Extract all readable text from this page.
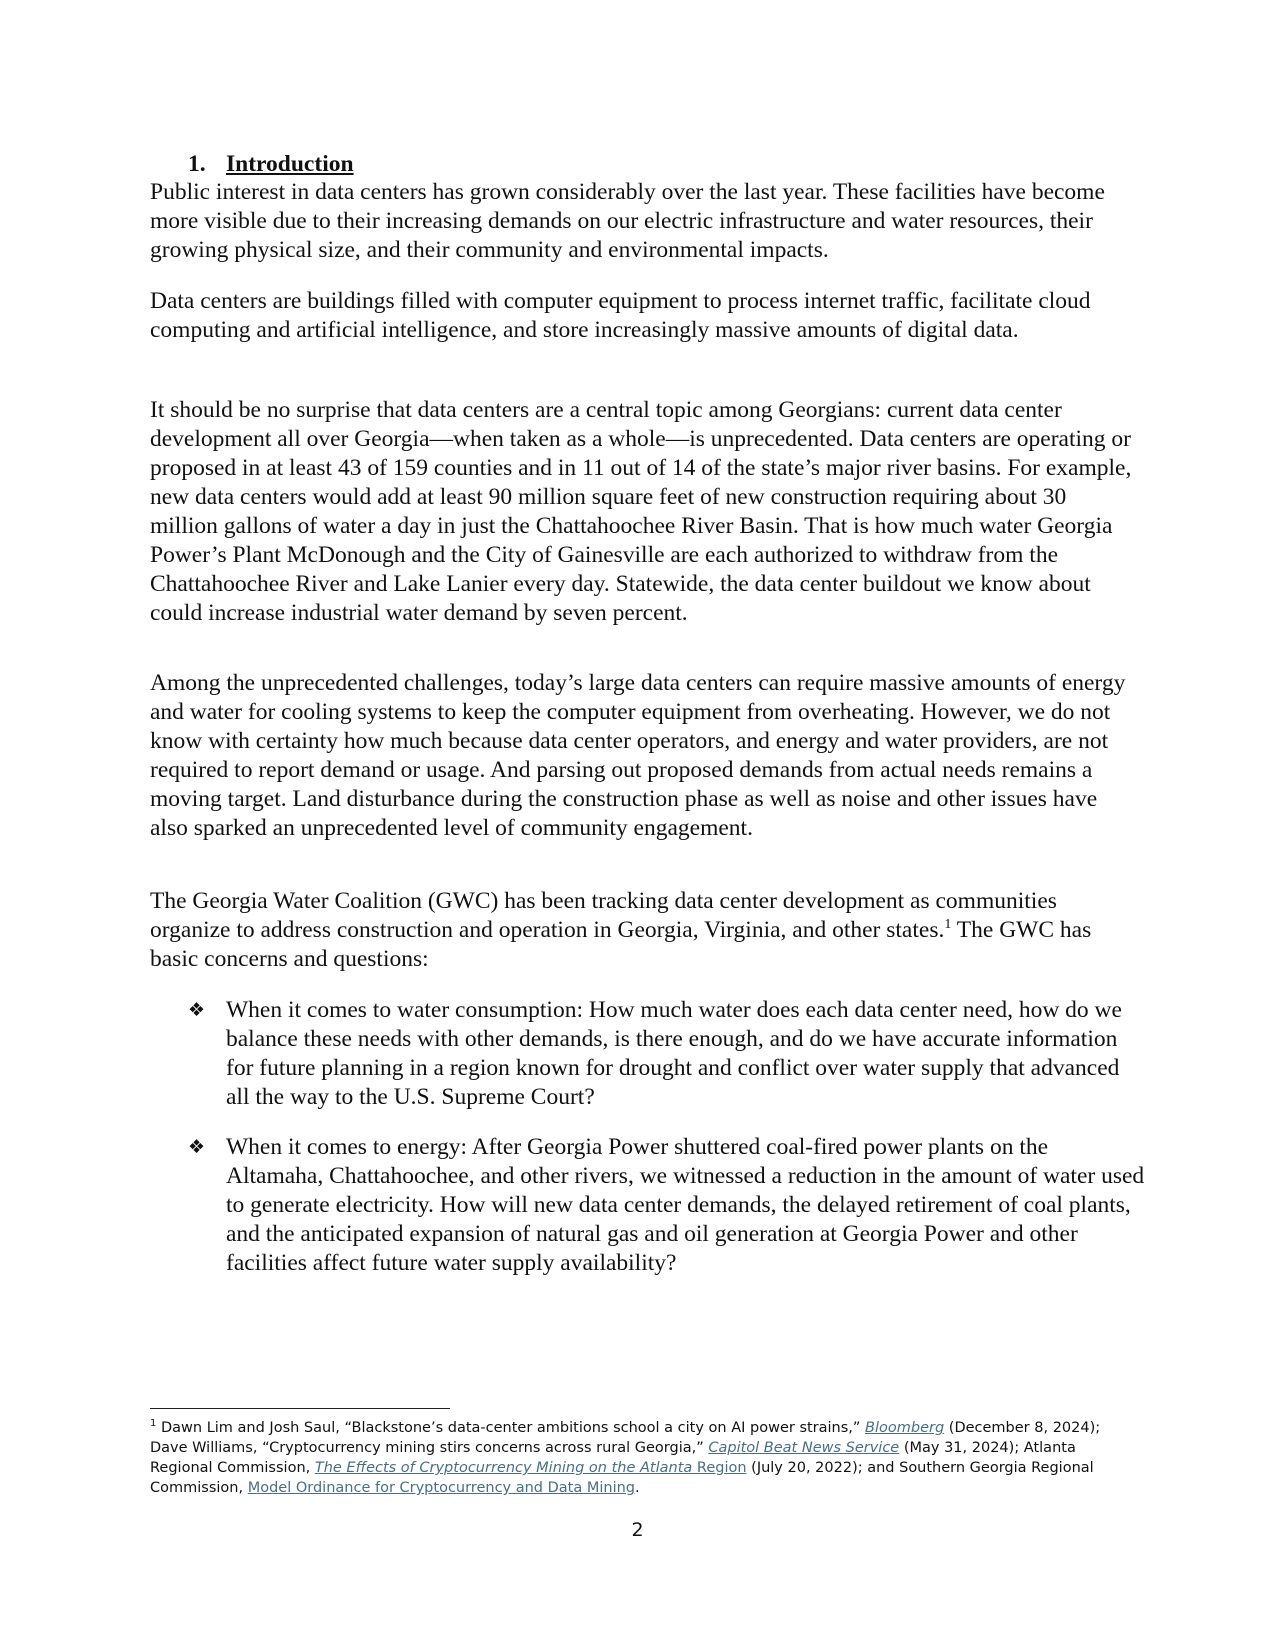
1. Introduction

Public interest in data centers has grown considerably over the last year. These facilities have become more visible due to their increasing demands on our electric infrastructure and water resources, their growing physical size, and their community and environmental impacts.

Data centers are buildings filled with computer equipment to process internet traffic, facilitate cloud computing and artificial intelligence, and store increasingly massive amounts of digital data.

It should be no surprise that data centers are a central topic among Georgians: current data center development all over Georgia—when taken as a whole—is unprecedented. Data centers are operating or proposed in at least 43 of 159 counties and in 11 out of 14 of the state’s major river basins. For example, new data centers would add at least 90 million square feet of new construction requiring about 30 million gallons of water a day in just the Chattahoochee River Basin. That is how much water Georgia Power’s Plant McDonough and the City of Gainesville are each authorized to withdraw from the Chattahoochee River and Lake Lanier every day. Statewide, the data center buildout we know about could increase industrial water demand by seven percent.

Among the unprecedented challenges, today’s large data centers can require massive amounts of energy and water for cooling systems to keep the computer equipment from overheating. However, we do not know with certainty how much because data center operators, and energy and water providers, are not required to report demand or usage. And parsing out proposed demands from actual needs remains a moving target. Land disturbance during the construction phase as well as noise and other issues have also sparked an unprecedented level of community engagement.

The Georgia Water Coalition (GWC) has been tracking data center development as communities organize to address construction and operation in Georgia, Virginia, and other states.$^1$ The GWC has basic concerns and questions:

❖ When it comes to water consumption: How much water does each data center need, how do we balance these needs with other demands, is there enough, and do we have accurate information for future planning in a region known for drought and conflict over water supply that advanced all the way to the U.S. Supreme Court?
❖ When it comes to energy: After Georgia Power shuttered coal-fired power plants on the Altamaha, Chattahoochee, and other rivers, we witnessed a reduction in the amount of water used to generate electricity. How will new data center demands, the delayed retirement of coal plants, and the anticipated expansion of natural gas and oil generation at Georgia Power and other facilities affect future water supply availability?
$^1$ Dawn Lim and Josh Saul, “Blackstone’s data-center ambitions school a city on AI power strains,” Bloomberg (December 8, 2024); Dave Williams, “Cryptocurrency mining stirs concerns across rural Georgia,” Capitol Beat News Service (May 31, 2024); Atlanta Regional Commission, The Effects of Cryptocurrency Mining on the Atlanta Region (July 20, 2022); and Southern Georgia Regional Commission, Model Ordinance for Cryptocurrency and Data Mining.
2
